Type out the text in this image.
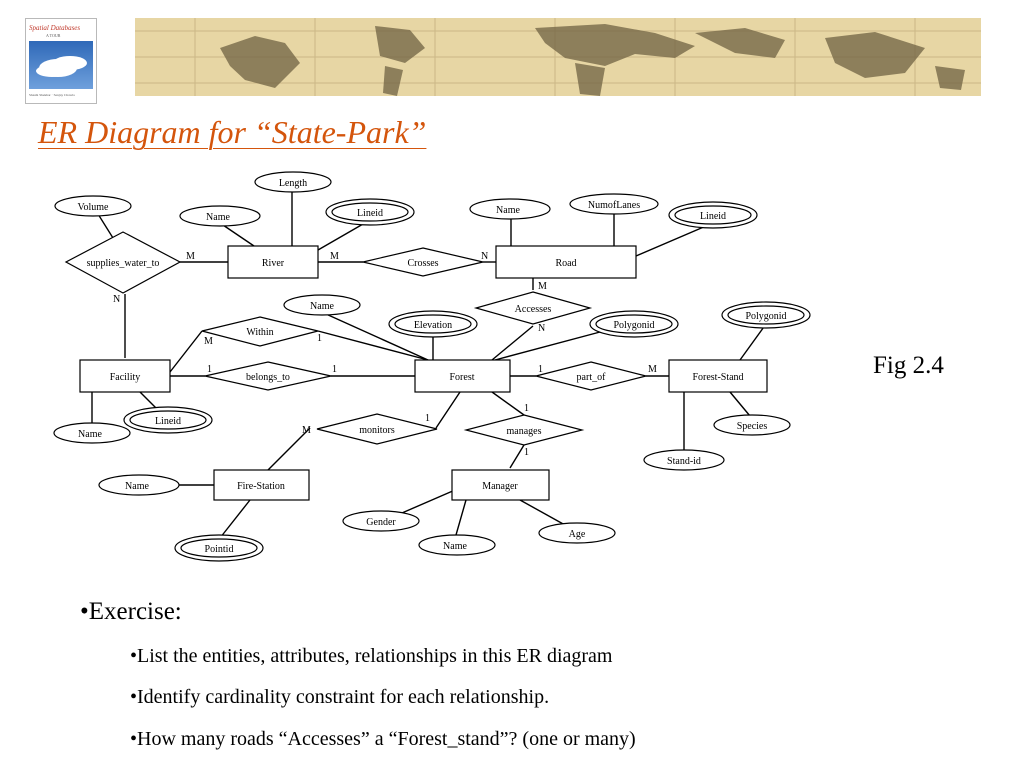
Spatial Databases
A TOUR
Shashi Shekhar · Sanjay Chawla
ER Diagram for “State-Park”
supplies_water_to	Crosses
Accesses
Within
belongs_to	part_of
monitors	manages
River	Road
Facility	Forest	Forest-Stand
Fire-Station	Manager
Length
Volume
Name	Lineid	Name	NumofLanes
Lineid
Name
Elevation	Polygonid
Polygonid
Name
Lineid	Species
Stand-id
Name
Gender
Age
Name
Pointid
M
N
M	N
M
N
M	1
1	1	1	M
1
M
1
1
Fig 2.4
•Exercise:
•List the entities, attributes, relationships in this ER diagram
•Identify cardinality constraint for each relationship.
•How many roads “Accesses” a “Forest_stand”? (one or many)
